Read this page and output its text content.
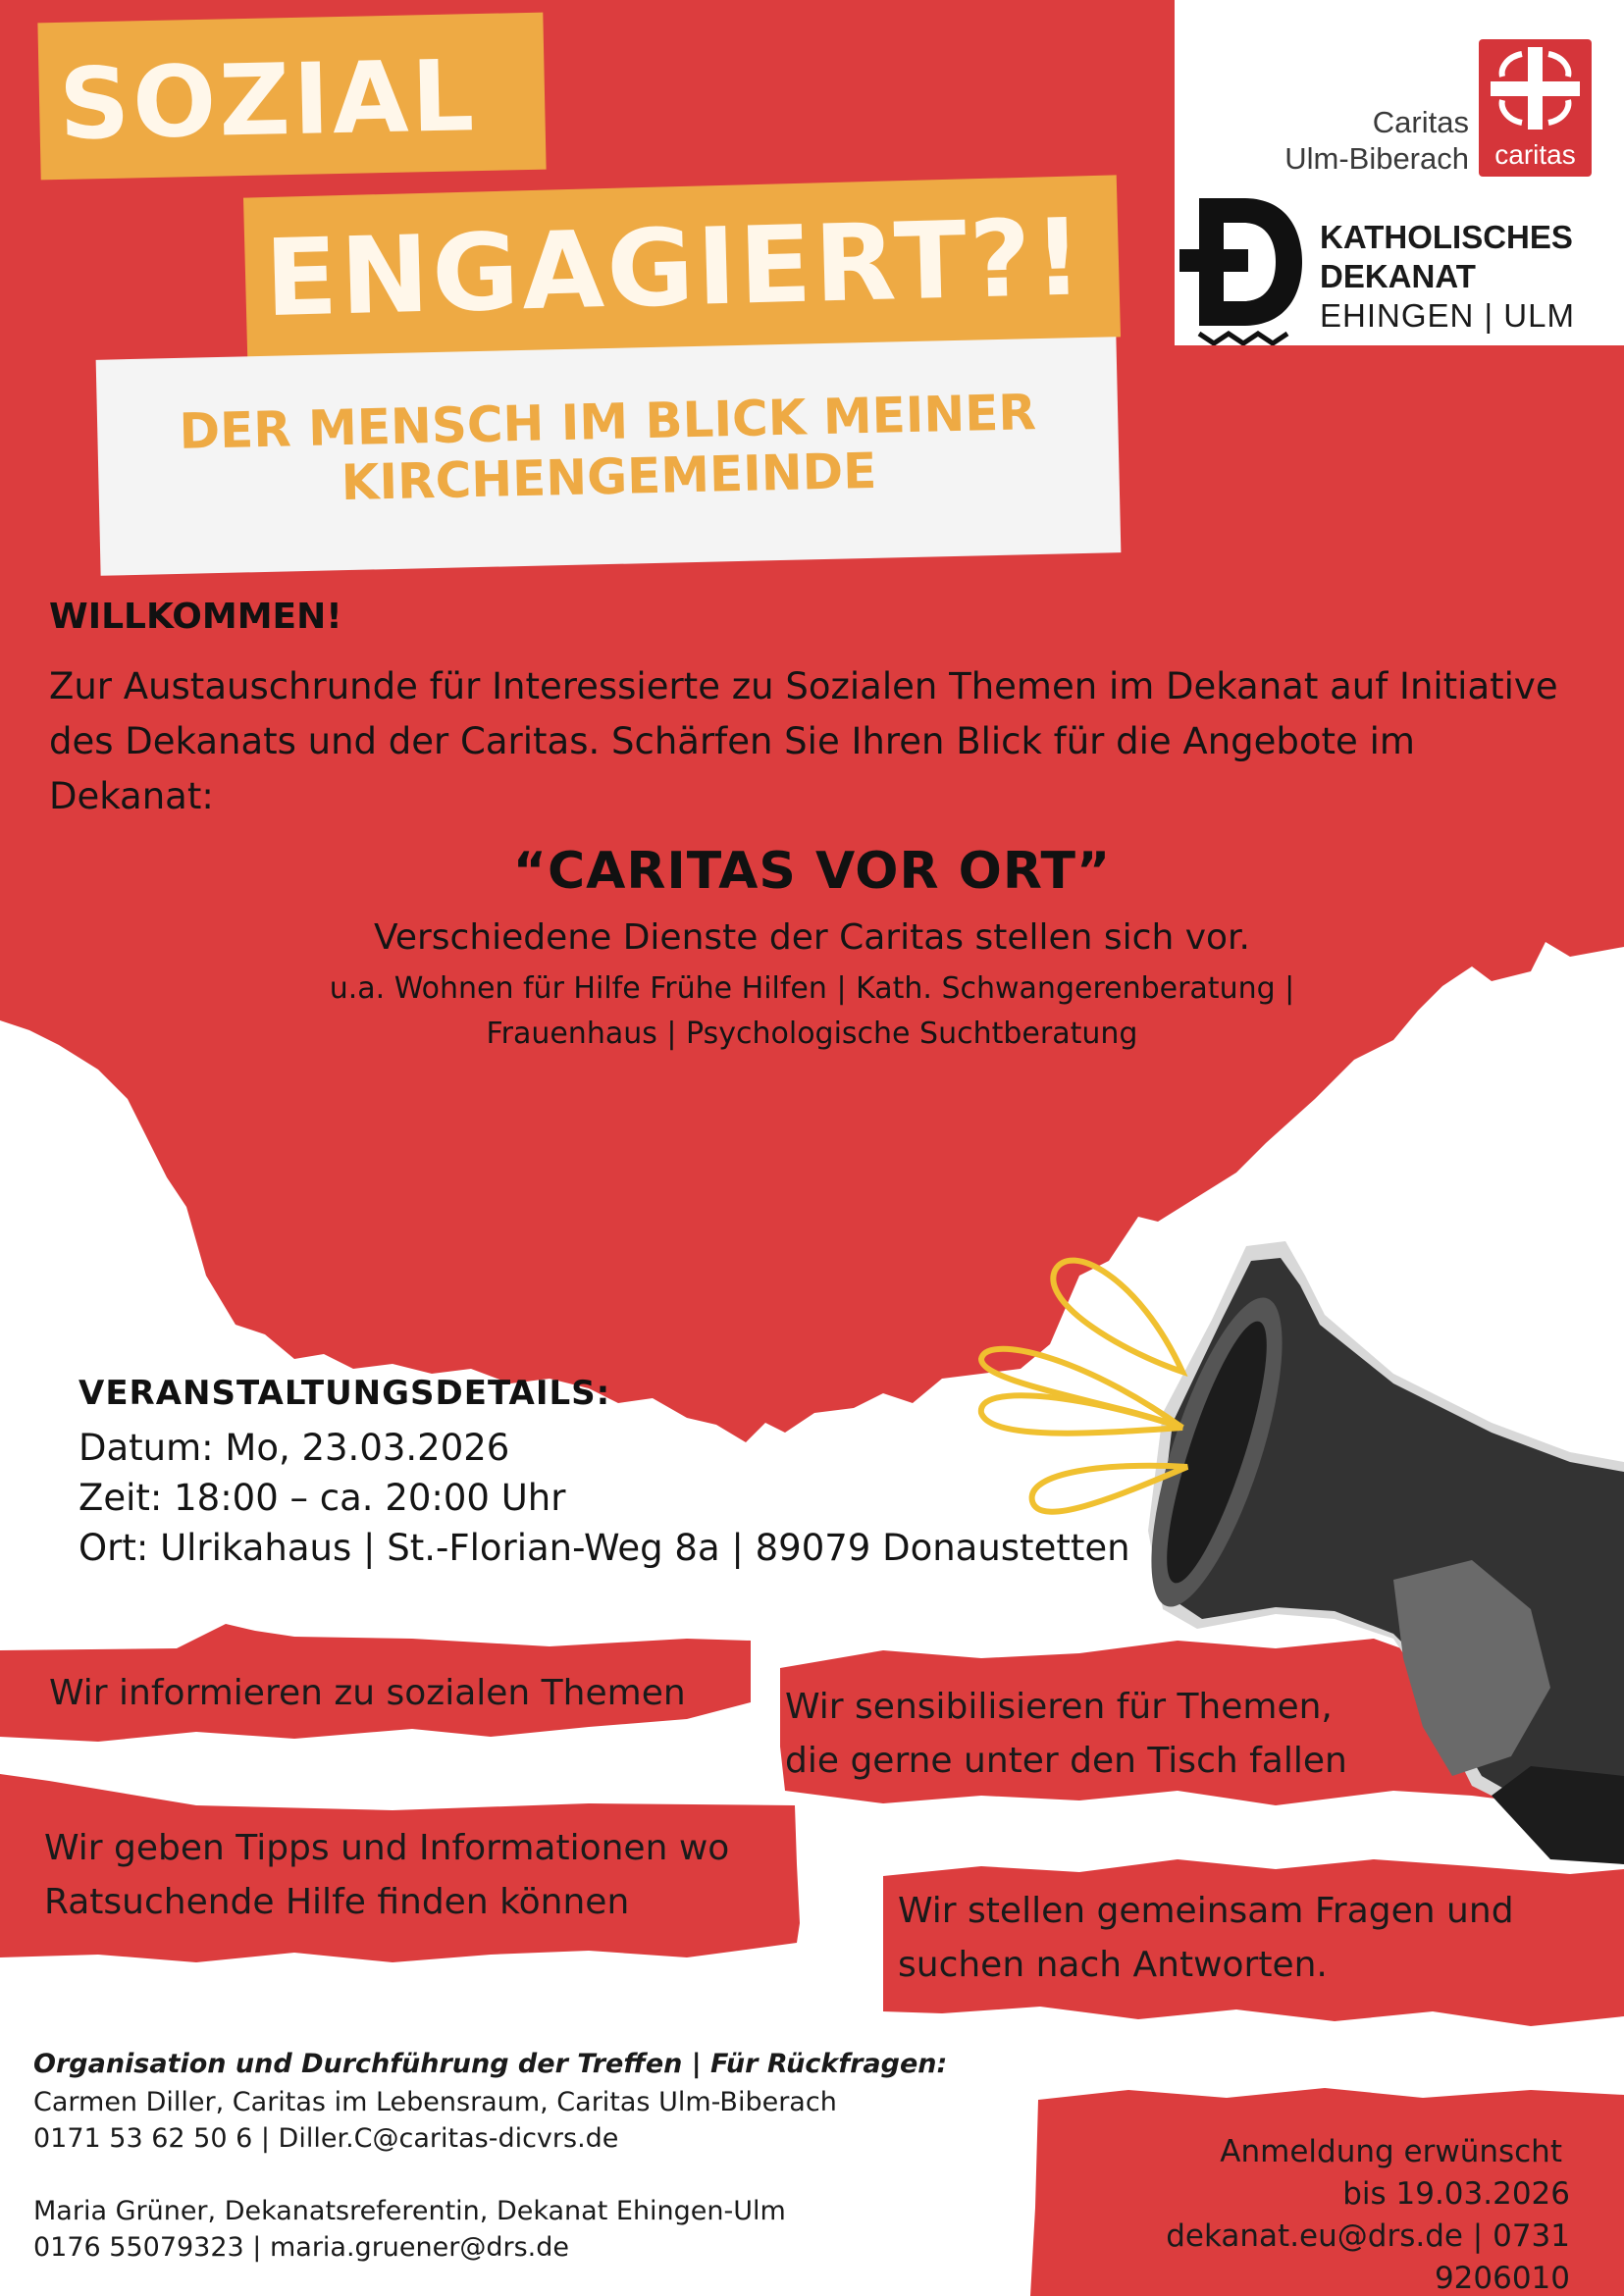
SOZIAL
ENGAGIERT?!
DER MENSCH IM BLICK MEINER
KIRCHENGEMEINDE
caritas
Caritas
Ulm-Biberach
KATHOLISCHES
DEKANAT
EHINGEN | ULM
WILLKOMMEN!
Zur Austauschrunde für Interessierte zu Sozialen Themen im Dekanat auf Initiative
des Dekanats und der Caritas. Schärfen Sie Ihren Blick für die Angebote im Dekanat:
“CARITAS VOR ORT”
Verschiedene Dienste der Caritas stellen sich vor.
u.a. Wohnen für Hilfe Frühe Hilfen | Kath. Schwangerenberatung |
Frauenhaus | Psychologische Suchtberatung
VERANSTALTUNGSDETAILS:
Datum: Mo, 23.03.2026
Zeit: 18:00 – ca. 20:00 Uhr
Ort: Ulrikahaus | St.-Florian-Weg 8a | 89079 Donaustetten
Wir informieren zu sozialen Themen	Wir sensibilisieren für Themen,
die gerne unter den Tisch fallen
Wir geben Tipps und Informationen wo
Ratsuchende Hilfe finden können	Wir stellen gemeinsam Fragen und
suchen nach Antworten.
Organisation und Durchführung der Treffen | Für Rückfragen:
Carmen Diller, Caritas im Lebensraum, Caritas Ulm-Biberach
0171 53 62 50 6 | Diller.C@caritas-dicvrs.de
Maria Grüner, Dekanatsreferentin, Dekanat Ehingen-Ulm
0176 55079323 | maria.gruener@drs.de
Anmeldung erwünscht
bis 19.03.2026
dekanat.eu@drs.de | 0731 9206010
